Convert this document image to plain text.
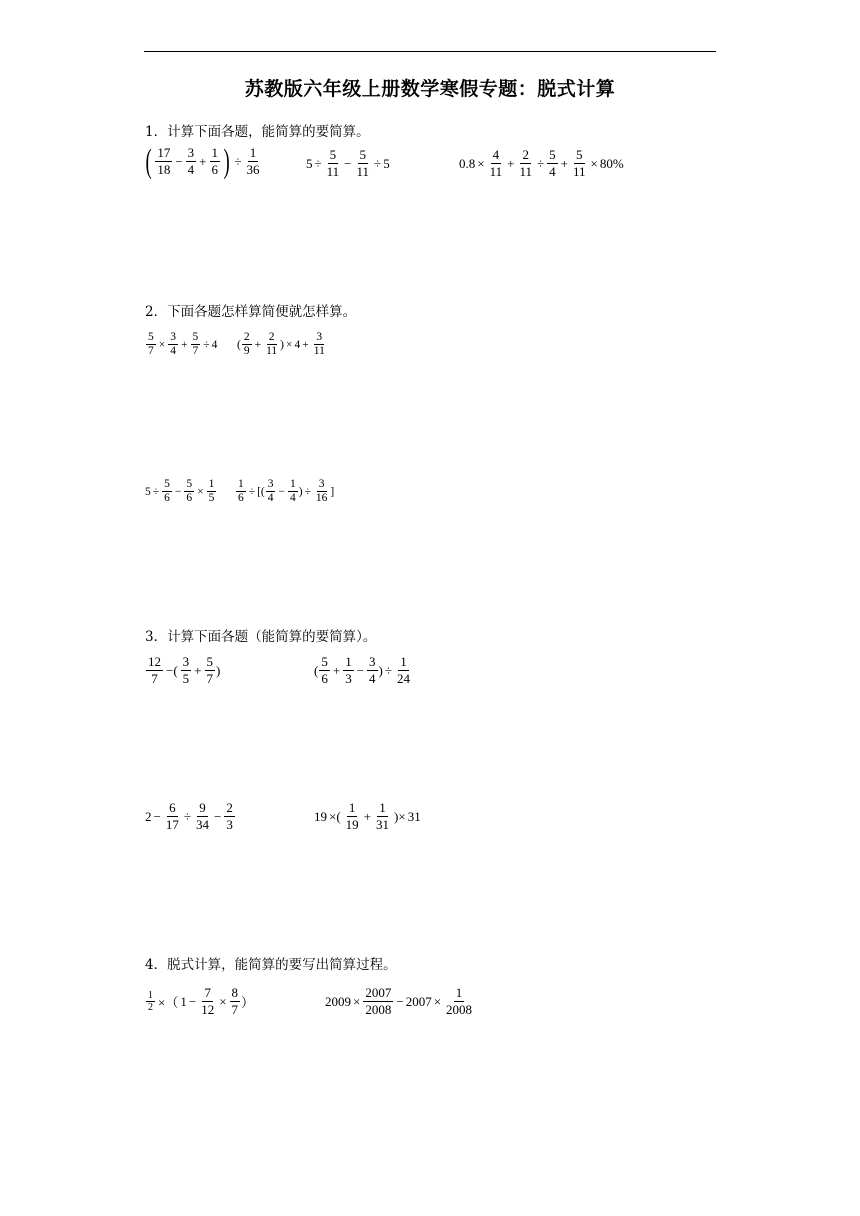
苏教版六年级上册数学寒假专题：脱式计算
1．计算下面各题，能简算的要简算。
( $\frac{17}{18} - \frac{3}{4} + \frac{1}{6}$ ) ÷ $\frac{1}{36}$	$5 \div \frac{5}{11} - \frac{5}{11} \div 5$	$0.8 \times \frac{4}{11} + \frac{2}{11} \div \frac{5}{4} + \frac{5}{11} \times 80\%$
2．下面各题怎样算简便就怎样算。
$\frac{5}{7} \times \frac{3}{4} + \frac{5}{7} \div 4$ ( $\frac{2}{9} + \frac{2}{11}$ ) × $4 + \frac{3}{11}$
$5 \div \frac{5}{6} - \frac{5}{6} \times \frac{1}{5} \frac{1}{6}$ ÷ [( $\frac{3}{4} - \frac{1}{4}$ ) ÷ $\frac{3}{16}$ ]
3．计算下面各题（能简算的要简算）。
$\frac{12}{7}$ −( $\frac{3}{5} + \frac{5}{7}$ )	( $\frac{5}{6} + \frac{1}{3} - \frac{3}{4}$ ) ÷ $\frac{1}{24}$
$2 - \frac{6}{17} \div \frac{9}{34} - \frac{2}{3}$	19 ×( $\frac{1}{19} + \frac{1}{31}$ )× 31
4．脱式计算，能简算的要写出简算过程。
$\frac{1}{2}$ ×（ $1 - \frac{7}{12} \times \frac{8}{7}$ ）	$2009 \times \frac{2007}{2008} - 2007 \times \frac{1}{2008}$
